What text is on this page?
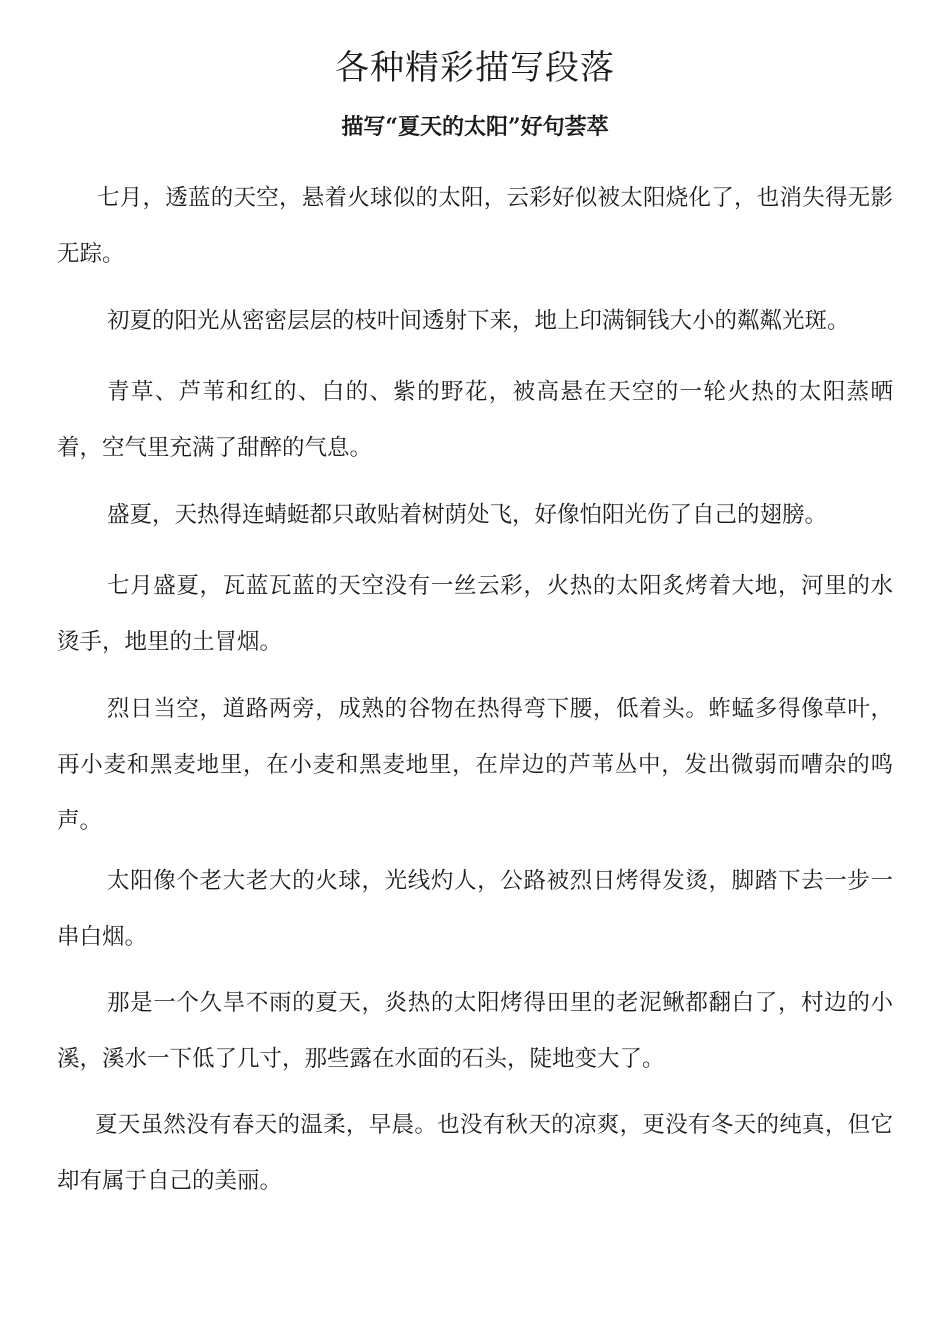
各种精彩描写段落
描写“夏天的太阳”好句荟萃

七月，透蓝的天空，悬着火球似的太阳，云彩好似被太阳烧化了，也消失得无影无踪。

初夏的阳光从密密层层的枝叶间透射下来，地上印满铜钱大小的粼粼光斑。

青草、芦苇和红的、白的、紫的野花，被高悬在天空的一轮火热的太阳蒸晒着，空气里充满了甜醉的气息。

盛夏，天热得连蜻蜓都只敢贴着树荫处飞，好像怕阳光伤了自己的翅膀。

七月盛夏，瓦蓝瓦蓝的天空没有一丝云彩，火热的太阳炙烤着大地，河里的水烫手，地里的土冒烟。

烈日当空，道路两旁，成熟的谷物在热得弯下腰，低着头。蚱蜢多得像草叶，再小麦和黑麦地里，在小麦和黑麦地里，在岸边的芦苇丛中，发出微弱而嘈杂的鸣声。

太阳像个老大老大的火球，光线灼人，公路被烈日烤得发烫，脚踏下去一步一串白烟。

那是一个久旱不雨的夏天，炎热的太阳烤得田里的老泥鳅都翻白了，村边的小溪，溪水一下低了几寸，那些露在水面的石头，陡地变大了。

夏天虽然没有春天的温柔，早晨。也没有秋天的凉爽，更没有冬天的纯真，但它却有属于自己的美丽。
